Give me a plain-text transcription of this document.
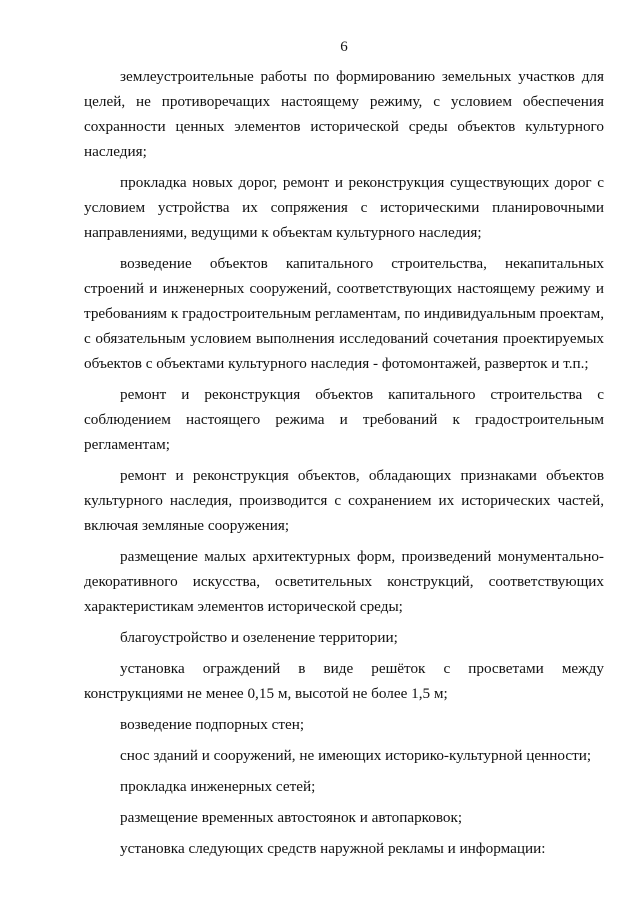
6

землеустроительные работы по формированию земельных участков для целей, не противоречащих настоящему режиму, с условием обеспечения сохранности ценных элементов исторической среды объектов культурного наследия;

прокладка новых дорог, ремонт и реконструкция существующих дорог с условием устройства их сопряжения с историческими планировочными направлениями, ведущими к объектам культурного наследия;

возведение объектов капитального строительства, некапитальных строений и инженерных сооружений, соответствующих настоящему режиму и требованиям к градостроительным регламентам, по индивидуальным проектам, с обязательным условием выполнения исследований сочетания проектируемых объектов с объектами культурного наследия - фотомонтажей, разверток и т.п.;

ремонт и реконструкция объектов капитального строительства с соблюдением настоящего режима и требований к градостроительным регламентам;

ремонт и реконструкция объектов, обладающих признаками объектов культурного наследия, производится с сохранением их исторических частей, включая земляные сооружения;

размещение малых архитектурных форм, произведений монументально-декоративного искусства, осветительных конструкций, соответствующих характеристикам элементов исторической среды;

благоустройство и озеленение территории;

установка ограждений в виде решёток с просветами между конструкциями не менее 0,15 м, высотой не более 1,5 м;

возведение подпорных стен;

снос зданий и сооружений, не имеющих историко-культурной ценности;

прокладка инженерных сетей;

размещение временных автостоянок и автопарковок;

установка следующих средств наружной рекламы и информации:
